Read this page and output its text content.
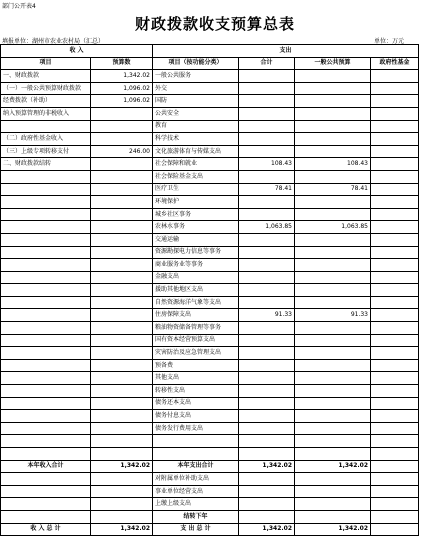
部门公开表4
财政拨款收支预算总表
填报单位：湖州市农业农村局（汇总）	单位：万元
收 入		支出			
项目	预算数	项目（按功能分类）	合计	一般公共预算	政府性基金
一、财政拨款	1,342.02	一般公共服务			
（一）一般公共预算财政拨款	1,096.02	外交			
经费拨款（补助）	1,096.02	国防			
纳入预算管理的非税收入		公共安全			
		教育			
（二）政府性基金收入		科学技术			
（三）上级专项转移支付	246.00	文化旅游体育与传媒支出			
二、财政拨款结转		社会保障和就业	108.43	108.43	
		社会保险基金支出			
		医疗卫生	78.41	78.41	
		环境保护			
		城乡社区事务			
		农林水事务	1,063.85	1,063.85	
		交通运输			
		资源勘探电力信息等事务			
		商业服务业等事务			
		金融支出			
		援助其他地区支出			
		自然资源海洋气象等支出			
		住房保障支出	91.33	91.33	
		粮油物资储备管理等事务			
		国有资本经营预算支出			
		灾害防治及应急管理支出			
		预备费			
		其他支出			
		转移性支出			
		债务还本支出			
		债务付息支出			
		债务发行费用支出			

本年收入合计	1,342.02	本年支出合计	1,342.02	1,342.02	
		对附属单位补助支出			
		事业单位经营支出			
		上缴上级支出			
		结转下年			
收 入 总 计	1,342.02	支 出 总 计	1,342.02	1,342.02	
